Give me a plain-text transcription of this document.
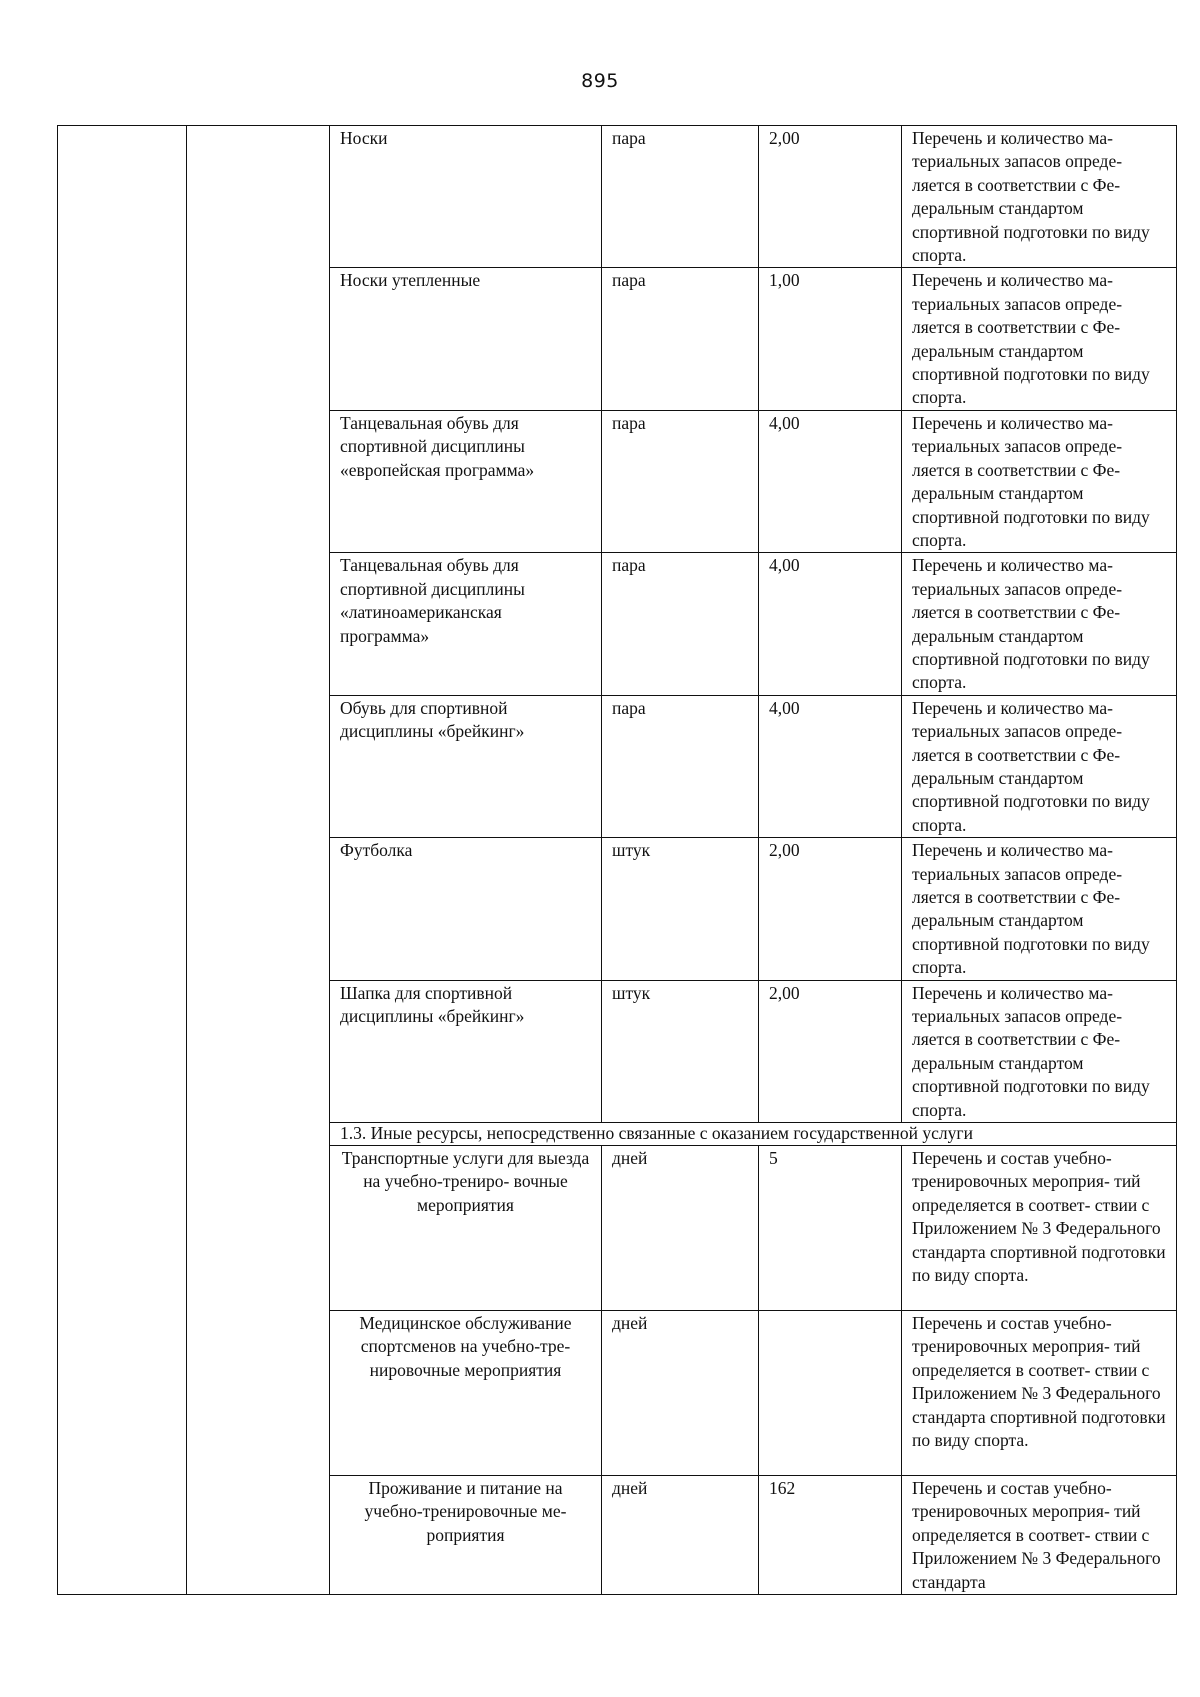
895
		Носки	пара	2,00	Перечень и количество ма- териальных запасов опреде- ляется в соответствии с Фе- деральным стандартом спортивной подготовки по виду спорта.
		Носки утепленные	пара	1,00	Перечень и количество ма- териальных запасов опреде- ляется в соответствии с Фе- деральным стандартом спортивной подготовки по виду спорта.
		Танцевальная обувь для спортивной дисциплины «европейская программа»	пара	4,00	Перечень и количество ма- териальных запасов опреде- ляется в соответствии с Фе- деральным стандартом спортивной подготовки по виду спорта.
		Танцевальная обувь для спортивной дисциплины «латиноамериканская программа»	пара	4,00	Перечень и количество ма- териальных запасов опреде- ляется в соответствии с Фе- деральным стандартом спортивной подготовки по виду спорта.
		Обувь для спортивной дисциплины «брейкинг»	пара	4,00	Перечень и количество ма- териальных запасов опреде- ляется в соответствии с Фе- деральным стандартом спортивной подготовки по виду спорта.
		Футболка	штук	2,00	Перечень и количество ма- териальных запасов опреде- ляется в соответствии с Фе- деральным стандартом спортивной подготовки по виду спорта.
		Шапка для спортивной дисциплины «брейкинг»	штук	2,00	Перечень и количество ма- териальных запасов опреде- ляется в соответствии с Фе- деральным стандартом спортивной подготовки по виду спорта.
		1.3. Иные ресурсы, непосредственно связанные с оказанием государственной услуги			
		Транспортные услуги для выезда на учебно-трениро- вочные мероприятия	дней	5	Перечень и состав учебно- тренировочных мероприя- тий определяется в соответ- ствии с Приложением № 3 Федерального стандарта спортивной подготовки по виду спорта.
		Медицинское обслуживание спортсменов на учебно-тре- нировочные мероприятия	дней		Перечень и состав учебно- тренировочных мероприя- тий определяется в соответ- ствии с Приложением № 3 Федерального стандарта спортивной подготовки по виду спорта.
		Проживание и питание на учебно-тренировочные ме- роприятия	дней	162	Перечень и состав учебно- тренировочных мероприя- тий определяется в соответ- ствии с Приложением № 3 Федерального стандарта
